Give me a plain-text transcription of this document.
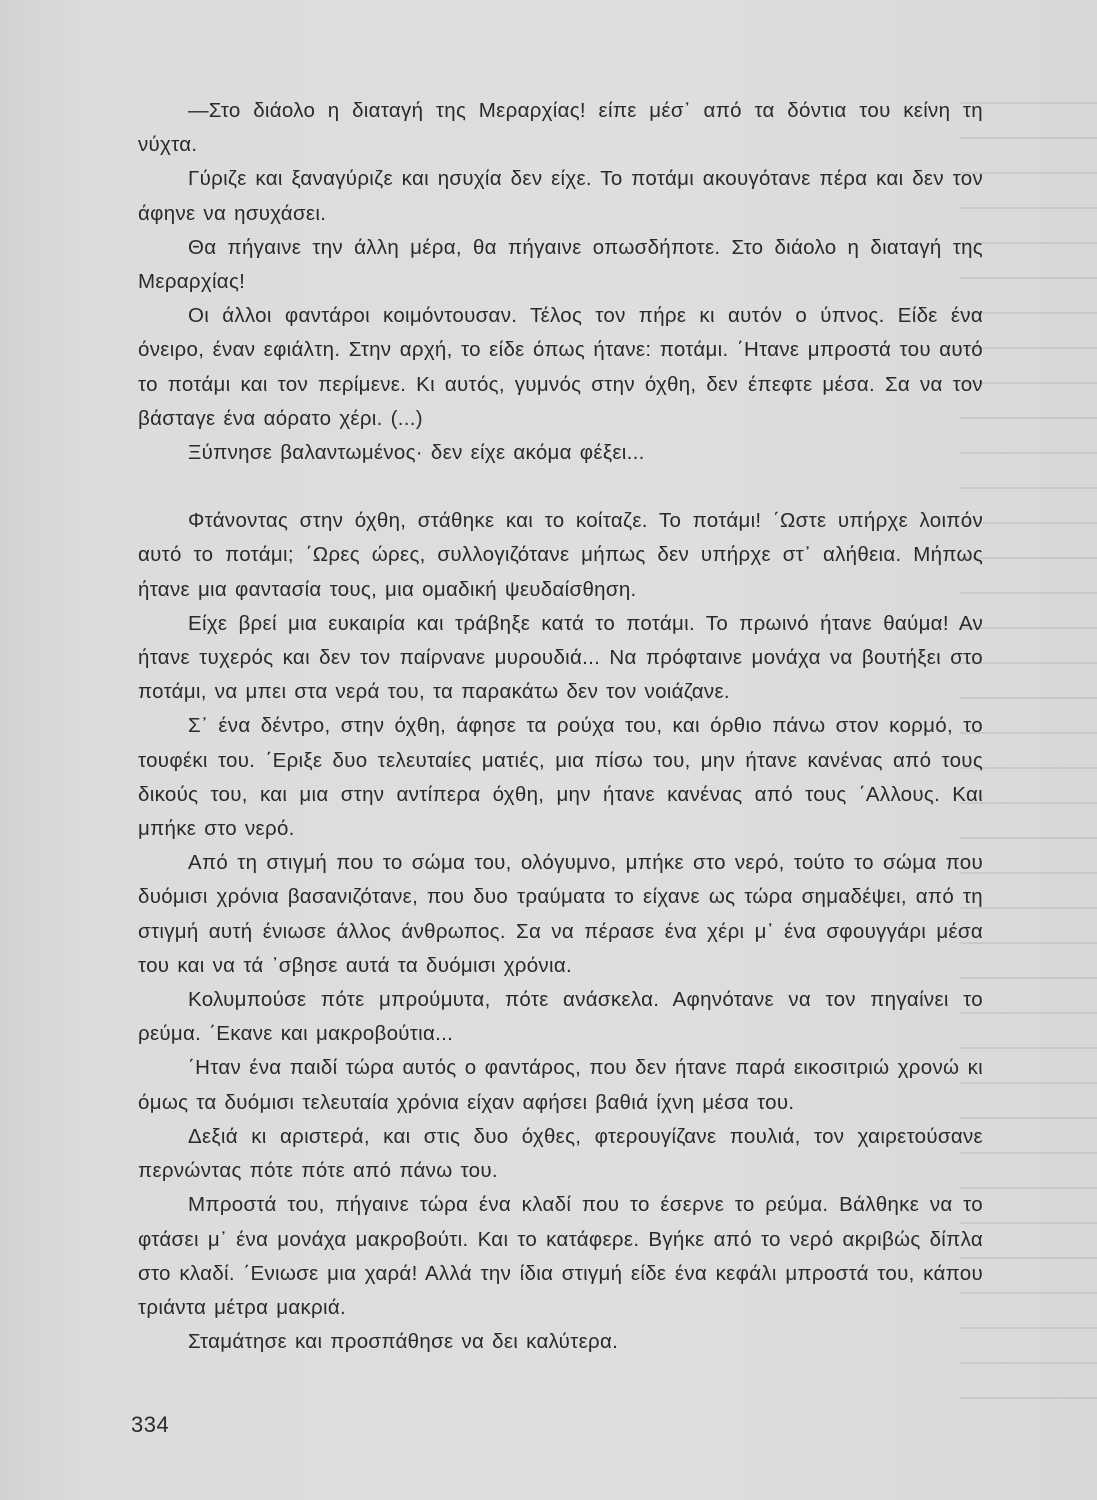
—Στο διάολο η διαταγή της Μεραρχίας! είπε μέσ᾽ από τα δόντια του κείνη τη νύχτα.

Γύριζε και ξαναγύριζε και ησυχία δεν είχε. Το ποτάμι ακουγότανε πέρα και δεν τον άφηνε να ησυχάσει.

Θα πήγαινε την άλλη μέρα, θα πήγαινε οπωσδήποτε. Στο διάολο η διαταγή της Μεραρχίας!

Οι άλλοι φαντάροι κοιμόντουσαν. Τέλος τον πήρε κι αυτόν ο ύπνος. Είδε ένα όνειρο, έναν εφιάλτη. Στην αρχή, το είδε όπως ήτανε: ποτάμι. ΄Ητανε μπροστά του αυτό το ποτάμι και τον περίμενε. Κι αυτός, γυμνός στην όχθη, δεν έπεφτε μέσα. Σα να τον βάσταγε ένα αόρατο χέρι. (...)

Ξύπνησε βαλαντωμένος· δεν είχε ακόμα φέξει...

Φτάνοντας στην όχθη, στάθηκε και το κοίταζε. Το ποτάμι! ΄Ωστε υπήρχε λοιπόν αυτό το ποτάμι; ΄Ωρες ώρες, συλλογιζότανε μήπως δεν υπήρχε στ᾽ αλήθεια. Μήπως ήτανε μια φαντασία τους, μια ομαδική ψευδαίσθηση.

Είχε βρεί μια ευκαιρία και τράβηξε κατά το ποτάμι. Το πρωινό ήτανε θαύμα! Αν ήτανε τυχερός και δεν τον παίρνανε μυρουδιά... Να πρόφταινε μονάχα να βουτήξει στο ποτάμι, να μπει στα νερά του, τα παρακάτω δεν τον νοιάζανε.

Σ᾽ ένα δέντρο, στην όχθη, άφησε τα ρούχα του, και όρθιο πάνω στον κορμό, το τουφέκι του. ΄Εριξε δυο τελευταίες ματιές, μια πίσω του, μην ήτανε κανένας από τους δικούς του, και μια στην αντίπερα όχθη, μην ήτανε κανένας από τους ΄Αλλους. Και μπήκε στο νερό.

Από τη στιγμή που το σώμα του, ολόγυμνο, μπήκε στο νερό, τούτο το σώμα που δυόμισι χρόνια βασανιζότανε, που δυο τραύματα το είχανε ως τώρα σημαδέψει, από τη στιγμή αυτή ένιωσε άλλος άνθρωπος. Σα να πέρασε ένα χέρι μ᾽ ένα σφουγγάρι μέσα του και να τά ᾽σβησε αυτά τα δυόμισι χρόνια.

Κολυμπούσε πότε μπρούμυτα, πότε ανάσκελα. Αφηνότανε να τον πηγαίνει το ρεύμα. ΄Εκανε και μακροβούτια...

΄Ηταν ένα παιδί τώρα αυτός ο φαντάρος, που δεν ήτανε παρά εικοσιτριώ χρονώ κι όμως τα δυόμισι τελευταία χρόνια είχαν αφήσει βαθιά ίχνη μέσα του.

Δεξιά κι αριστερά, και στις δυο όχθες, φτερουγίζανε πουλιά, τον χαιρετούσανε περνώντας πότε πότε από πάνω του.

Μπροστά του, πήγαινε τώρα ένα κλαδί που το έσερνε το ρεύμα. Βάλθηκε να το φτάσει μ᾽ ένα μονάχα μακροβούτι. Και το κατάφερε. Βγήκε από το νερό ακριβώς δίπλα στο κλαδί. ΄Ενιωσε μια χαρά! Αλλά την ίδια στιγμή είδε ένα κεφάλι μπροστά του, κάπου τριάντα μέτρα μακριά.

Σταμάτησε και προσπάθησε να δει καλύτερα.

334
